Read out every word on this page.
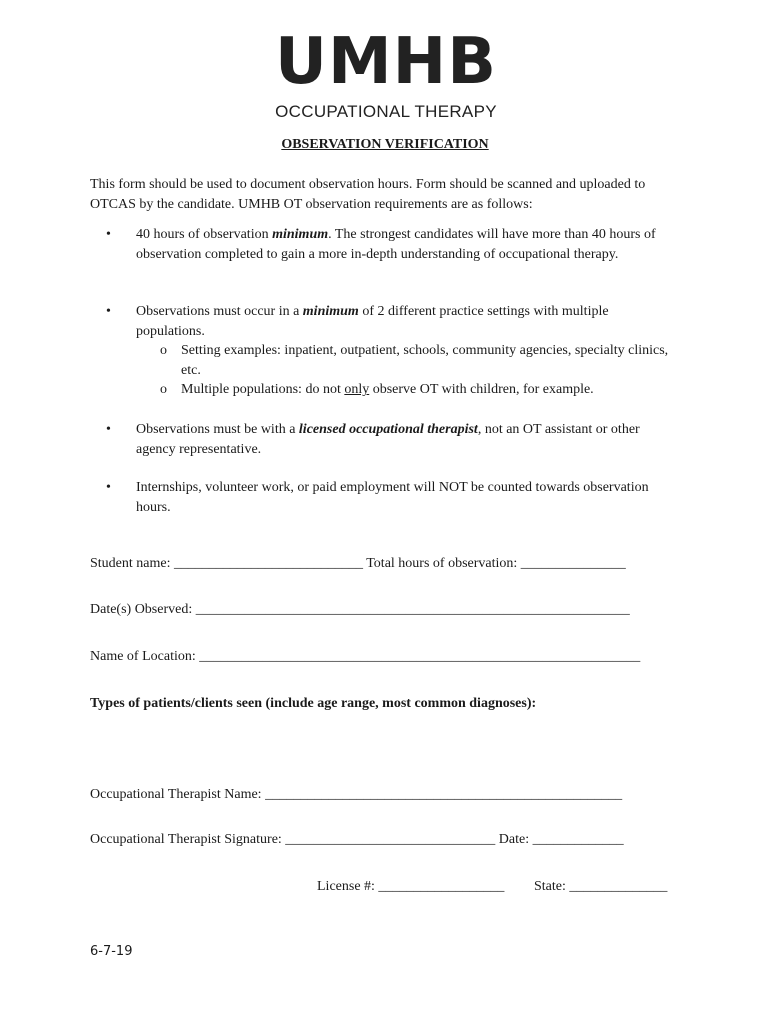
UMHB
OCCUPATIONAL THERAPY
OBSERVATION VERIFICATION
This form should be used to document observation hours. Form should be scanned and uploaded to OTCAS by the candidate. UMHB OT observation requirements are as follows:
• 40 hours of observation minimum. The strongest candidates will have more than 40 hours of observation completed to gain a more in-depth understanding of occupational therapy.
• Observations must occur in a minimum of 2 different practice settings with multiple populations.
o Setting examples: inpatient, outpatient, schools, community agencies, specialty clinics, etc.
o Multiple populations: do not only observe OT with children, for example.
• Observations must be with a licensed occupational therapist, not an OT assistant or other agency representative.
• Internships, volunteer work, or paid employment will NOT be counted towards observation hours.
Student name: ___________________________ Total hours of observation: _______________
Date(s) Observed: ______________________________________________________________
Name of Location: _______________________________________________________________
Types of patients/clients seen (include age range, most common diagnoses):
Occupational Therapist Name: ___________________________________________________
Occupational Therapist Signature: ______________________________ Date: _____________
License #: __________________ State: ______________
6-7-19
